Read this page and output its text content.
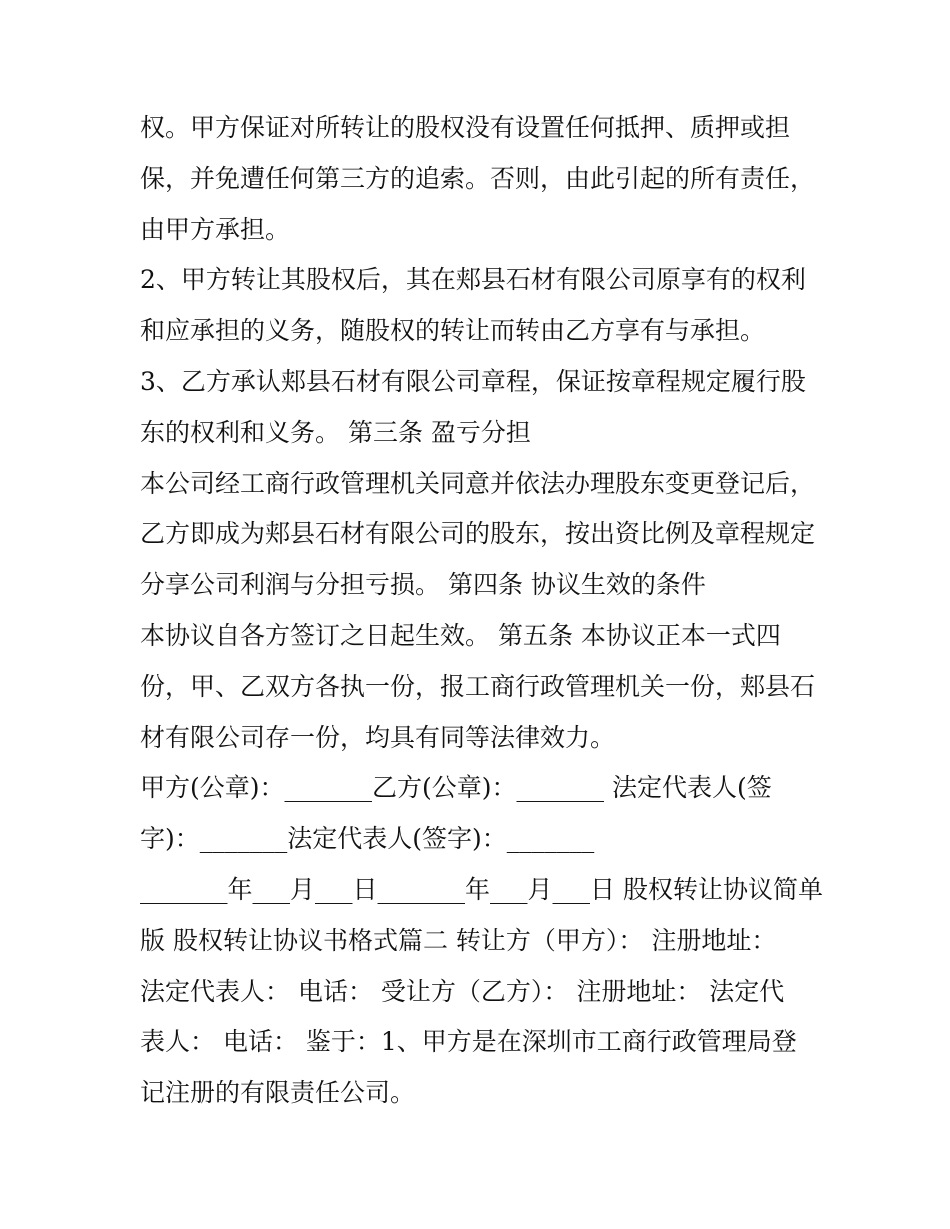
权。甲方保证对所转让的股权没有设置任何抵押、质押或担
保，并免遭任何第三方的追索。否则，由此引起的所有责任，
由甲方承担。
2、甲方转让其股权后，其在郏县石材有限公司原享有的权利
和应承担的义务，随股权的转让而转由乙方享有与承担。
3、乙方承认郏县石材有限公司章程，保证按章程规定履行股
东的权利和义务。 第三条 盈亏分担
本公司经工商行政管理机关同意并依法办理股东变更登记后，
乙方即成为郏县石材有限公司的股东，按出资比例及章程规定
分享公司利润与分担亏损。 第四条 协议生效的条件
本协议自各方签订之日起生效。 第五条 本协议正本一式四
份，甲、乙双方各执一份，报工商行政管理机关一份，郏县石
材有限公司存一份，均具有同等法律效力。
甲方(公章)：_______乙方(公章)：_______ 法定代表人(签
字)：_______法定代表人(签字)：_______
_______年___月___日_______年___月___日 股权转让协议简单
版 股权转让协议书格式篇二 转让方（甲方）： 注册地址：
法定代表人： 电话： 受让方（乙方）： 注册地址： 法定代
表人： 电话： 鉴于：1、甲方是在深圳市工商行政管理局登
记注册的有限责任公司。
